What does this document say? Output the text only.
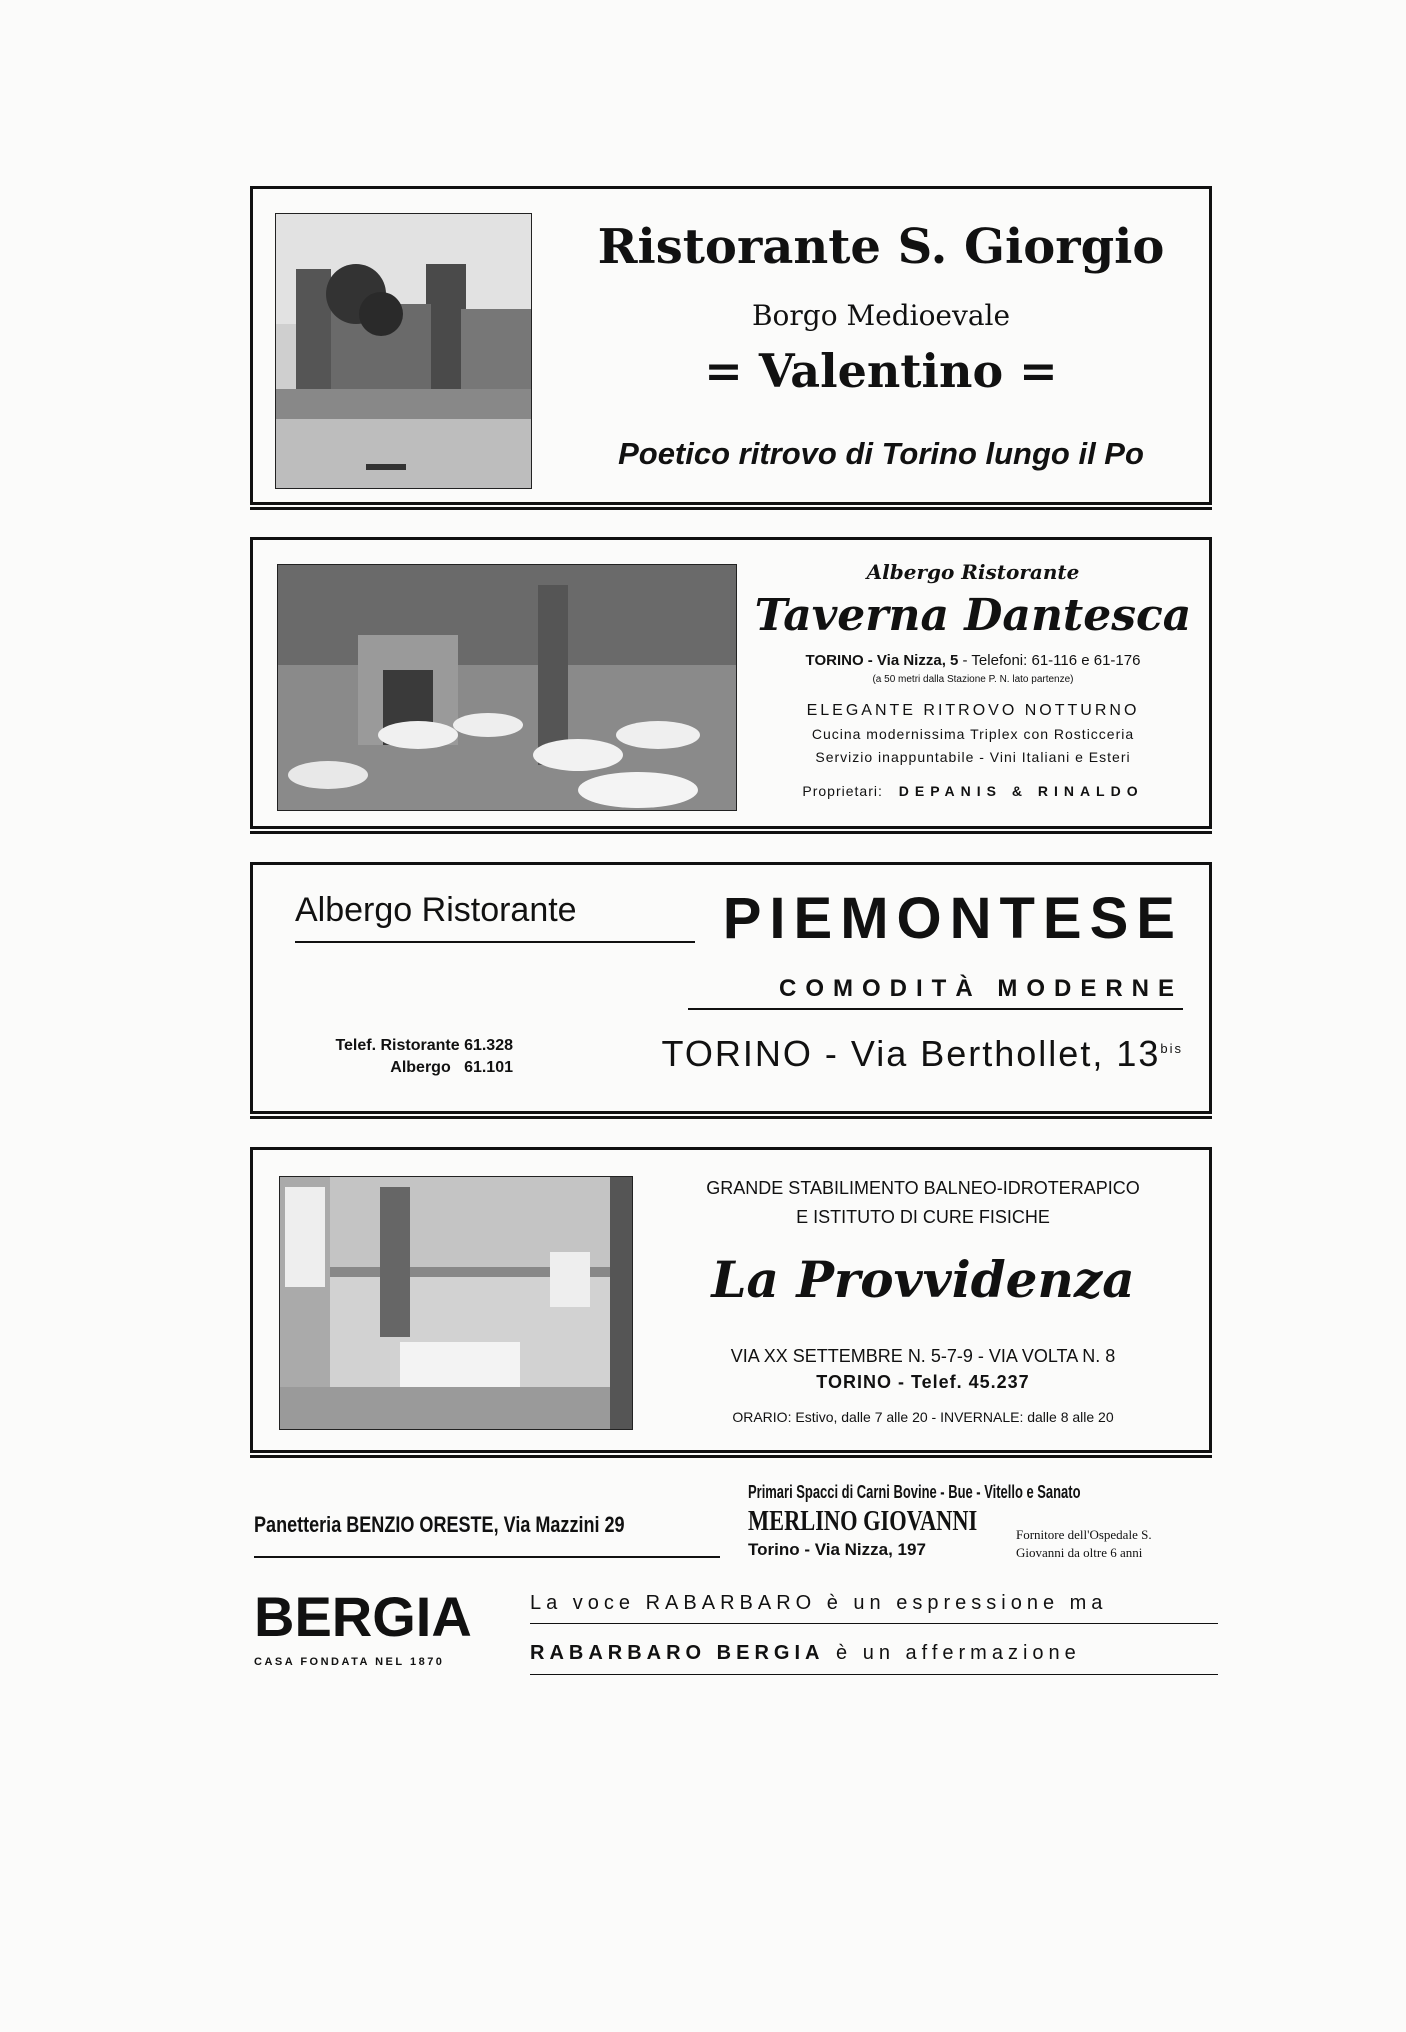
Ristorante S. Giorgio
Borgo Medioevale
= Valentino =
Poetico ritrovo di Torino lungo il Po
Albergo Ristorante
Taverna Dantesca
TORINO - Via Nizza, 5 - Telefoni: 61-116 e 61-176
(a 50 metri dalla Stazione P. N. lato partenze)
ELEGANTE RITROVO NOTTURNO
Cucina modernissima Triplex con Rosticceria
Servizio inappuntabile - Vini Italiani e Esteri
Proprietari: DEPANIS & RINALDO
Albergo Ristorante	PIEMONTESE
COMODITÀ MODERNE
Telef. Ristorante 61.328
Albergo 61.101	TORINO - Via Berthollet, $13^{bis}$
GRANDE STABILIMENTO BALNEO-IDROTERAPICO
E ISTITUTO DI CURE FISICHE
La Provvidenza
VIA XX SETTEMBRE N. 5-7-9 - VIA VOLTA N. 8
TORINO - Telef. 45.237
ORARIO: Estivo, dalle 7 alle 20 - INVERNALE: dalle 8 alle 20
Panetteria BENZIO ORESTE, Via Mazzini 29
Primari Spacci di Carni Bovine - Bue - Vitello e Sanato
MERLINO GIOVANNI
Torino - Via Nizza, 197
Fornitore dell'Ospedale S.
Giovanni da oltre 6 anni
BERGIA
CASA FONDATA NEL 1870
La voce RABARBARO è un espressione ma
RABARBARO BERGIA è un affermazione
